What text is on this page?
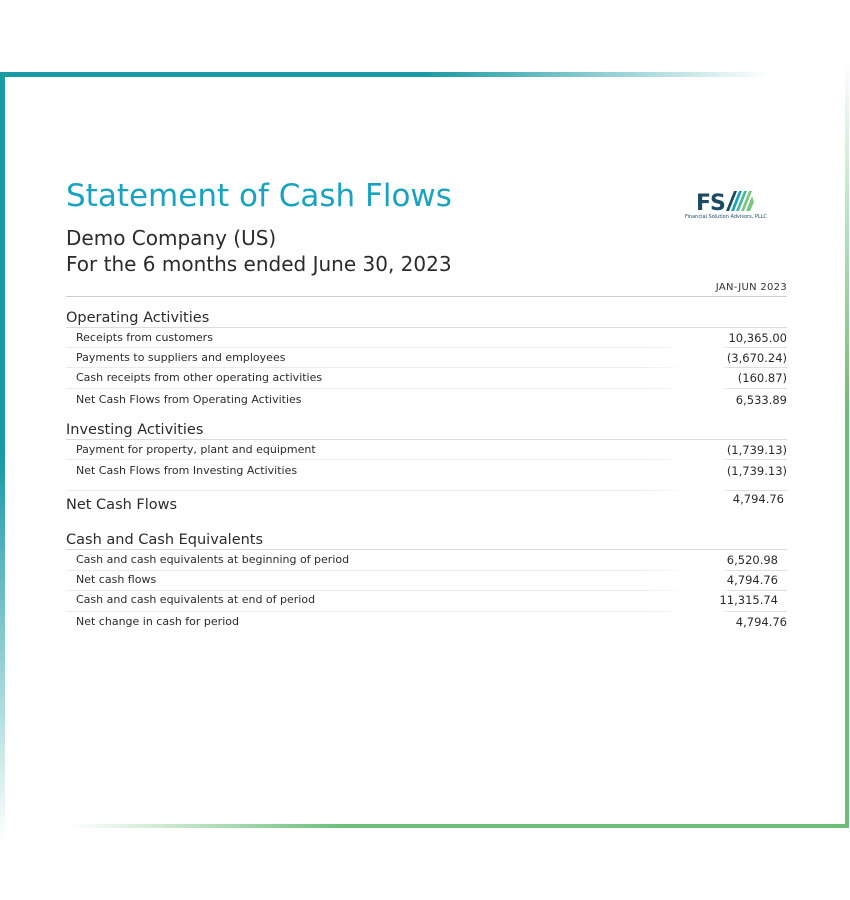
Statement of Cash Flows
Demo Company (US)
For the 6 months ended June 30, 2023
FS
Financial Solution Advisors, PLLC
JAN-JUN 2023
Operating Activities
Receipts from customers	10,365.00
Payments to suppliers and employees	(3,670.24)
Cash receipts from other operating activities	(160.87)
Net Cash Flows from Operating Activities	6,533.89
Investing Activities
Payment for property, plant and equipment	(1,739.13)
Net Cash Flows from Investing Activities	(1,739.13)
Net Cash Flows	4,794.76
Cash and Cash Equivalents
Cash and cash equivalents at beginning of period	6,520.98
Net cash flows	4,794.76
Cash and cash equivalents at end of period	11,315.74
Net change in cash for period	4,794.76
